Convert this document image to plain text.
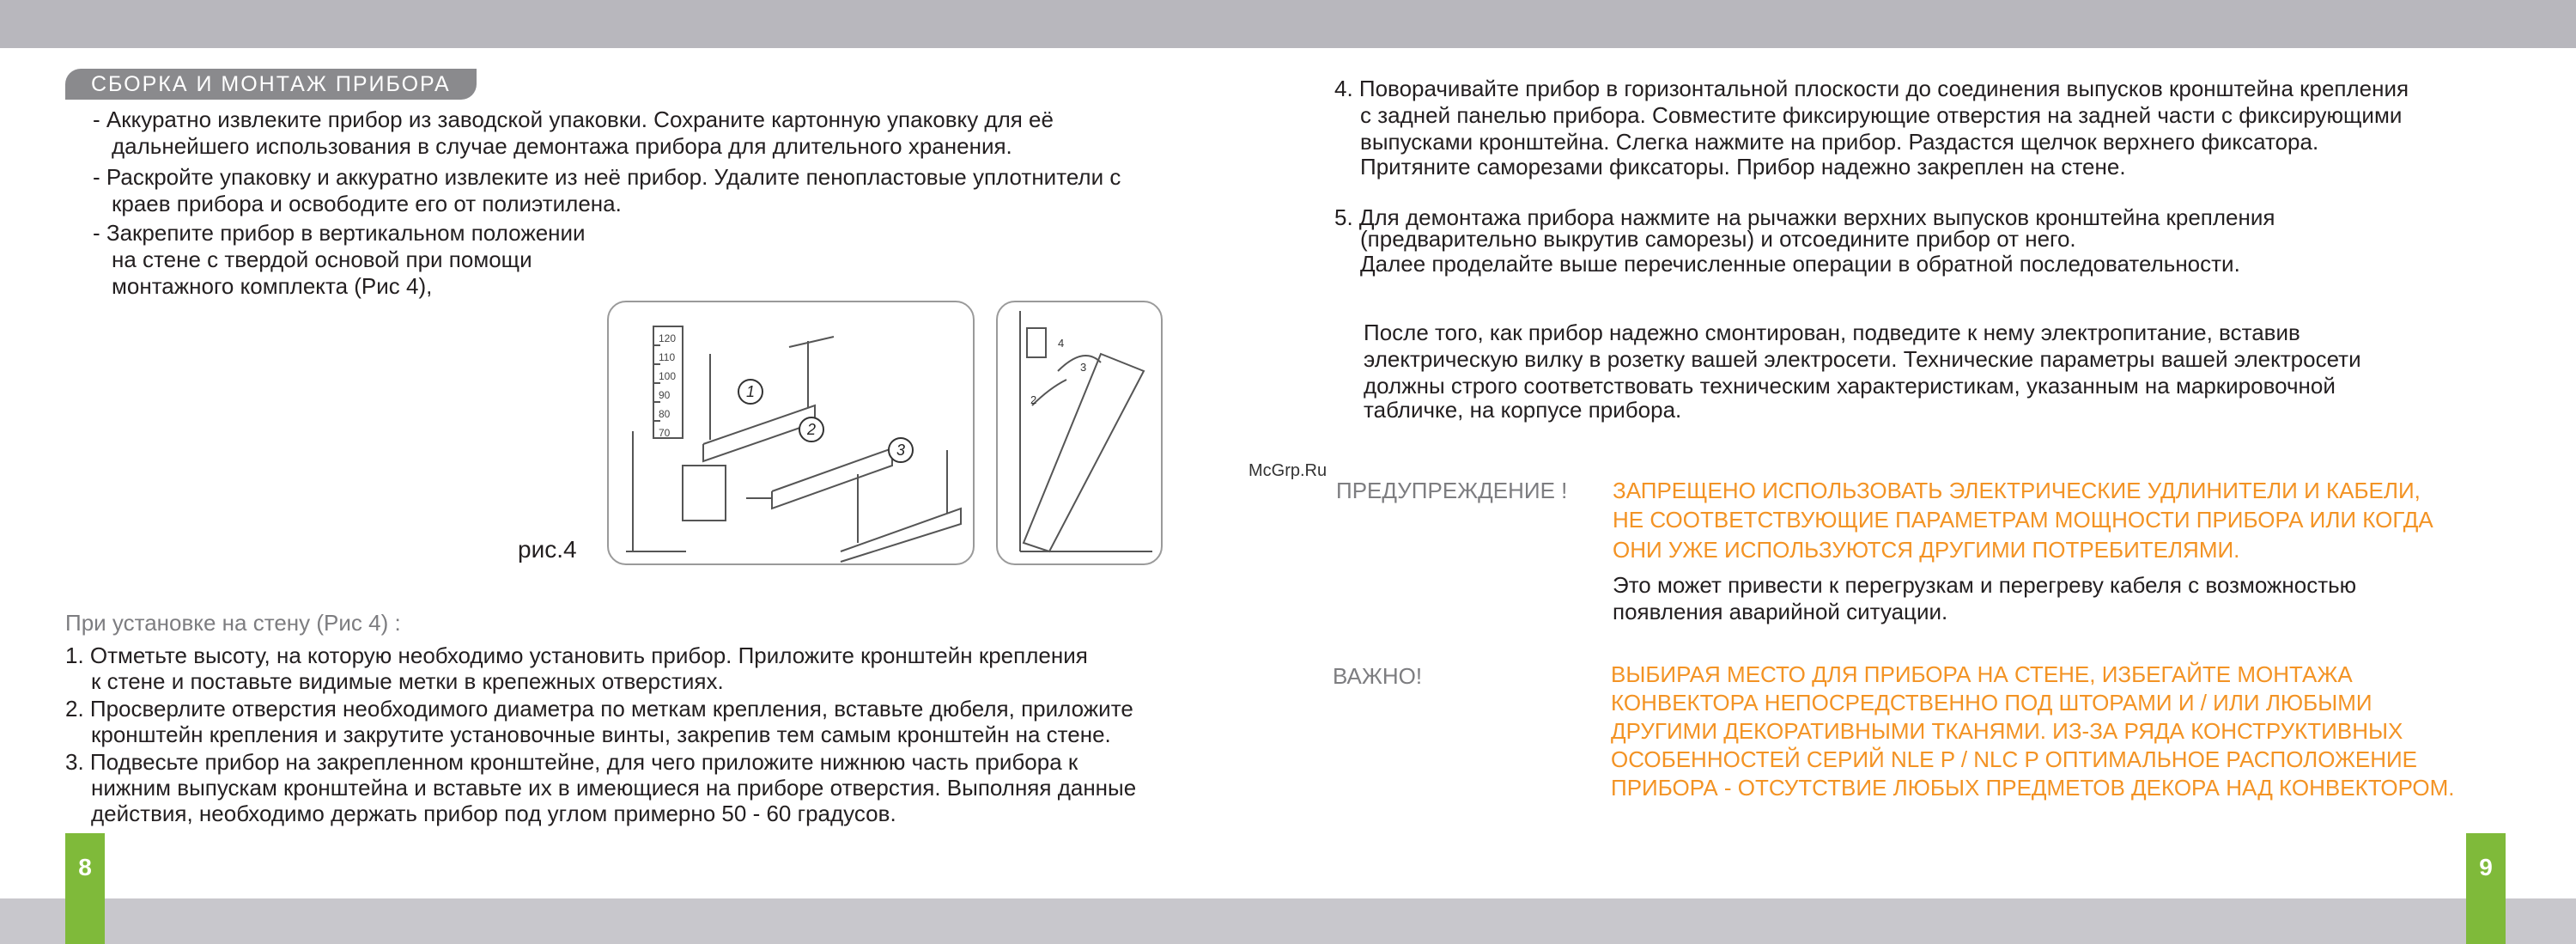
СБОРКА И МОНТАЖ ПРИБОРА
- Аккуратно извлеките прибор из заводской упаковки. Сохраните картонную упаковку для её
дальнейшего использования в случае демонтажа прибора для длительного хранения.
- Раскройте упаковку и аккуратно извлеките из неё прибор. Удалите пенопластовые уплотнители с
краев прибора и освободите его от полиэтилена.
- Закрепите прибор в вертикальном положении
на стене с твердой основой при помощи
монтажного комплекта (Рис 4),
120
110
100
90
80
70
1
2
3
4
3
2
рис.4
При установке на стену (Рис 4) :
1. Отметьте высоту, на которую необходимо установить прибор. Приложите кронштейн крепления
к стене и поставьте видимые метки в крепежных отверстиях.
2. Просверлите отверстия необходимого диаметра по меткам крепления, вставьте дюбеля, приложите
кронштейн крепления и закрутите установочные винты, закрепив тем самым кронштейн на стене.
3. Подвесьте прибор на закрепленном кронштейне, для чего приложите нижнюю часть прибора к
нижним выпускам кронштейна и вставьте их в имеющиеся на приборе отверстия. Выполняя данные
действия, необходимо держать прибор под углом примерно 50 - 60 градусов.
8
McGrp.Ru
4. Поворачивайте прибор в горизонтальной плоскости до соединения выпусков кронштейна крепления
с задней панелью прибора. Совместите фиксирующие отверстия на задней части с фиксирующими
выпусками кронштейна. Слегка нажмите на прибор. Раздастся щелчок верхнего фиксатора.
Притяните саморезами фиксаторы. Прибор надежно закреплен на стене.
5. Для демонтажа прибора нажмите на рычажки верхних выпусков кронштейна крепления
(предварительно выкрутив саморезы) и отсоедините прибор от него.
Далее проделайте выше перечисленные операции в обратной последовательности.
После того, как прибор надежно смонтирован, подведите к нему электропитание, вставив
электрическую вилку в розетку вашей электросети. Технические параметры вашей электросети
должны строго соответствовать техническим характеристикам, указанным на маркировочной
табличке, на корпусе прибора.
ПРЕДУПРЕЖДЕНИЕ ! ЗАПРЕЩЕНО ИСПОЛЬЗОВАТЬ ЭЛЕКТРИЧЕСКИЕ УДЛИНИТЕЛИ И КАБЕЛИ,
НЕ СООТВЕТСТВУЮЩИЕ ПАРАМЕТРАМ МОЩНОСТИ ПРИБОРА ИЛИ КОГДА
ОНИ УЖЕ ИСПОЛЬЗУЮТСЯ ДРУГИМИ ПОТРЕБИТЕЛЯМИ.
Это может привести к перегрузкам и перегреву кабеля с возможностью
появления аварийной ситуации.
ВАЖНО!	ВЫБИРАЯ МЕСТО ДЛЯ ПРИБОРА НА СТЕНЕ, ИЗБЕГАЙТЕ МОНТАЖА
КОНВЕКТОРА НЕПОСРЕДСТВЕННО ПОД ШТОРАМИ И / ИЛИ ЛЮБЫМИ
ДРУГИМИ ДЕКОРАТИВНЫМИ ТКАНЯМИ. ИЗ-ЗА РЯДА КОНСТРУКТИВНЫХ
ОСОБЕННОСТЕЙ СЕРИЙ NLE P / NLC P ОПТИМАЛЬНОЕ РАСПОЛОЖЕНИЕ
ПРИБОРА - ОТСУТСТВИЕ ЛЮБЫХ ПРЕДМЕТОВ ДЕКОРА НАД КОНВЕКТОРОМ.
9
